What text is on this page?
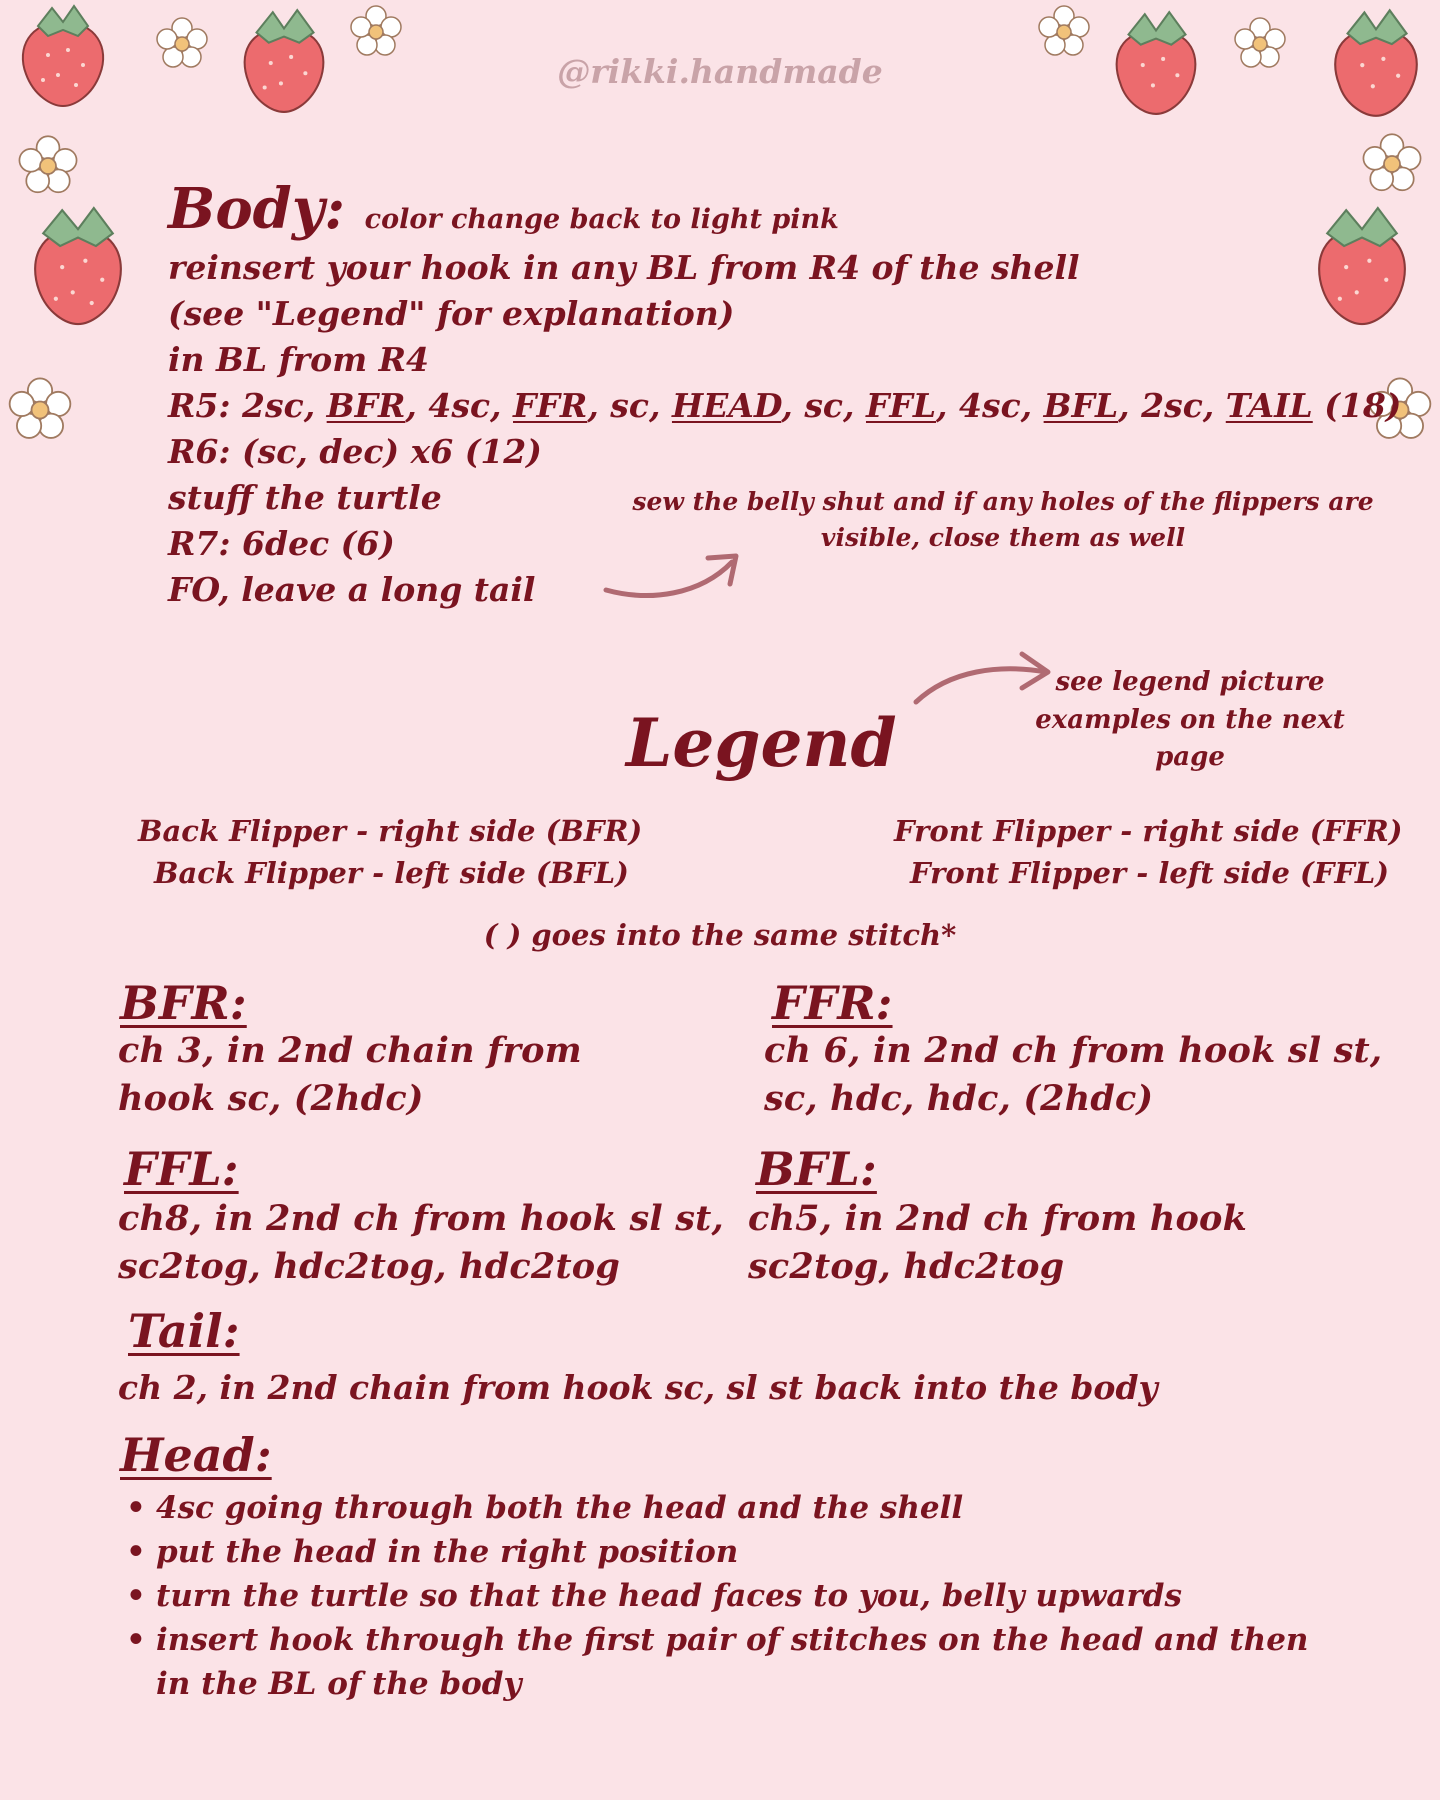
@rikki.handmade
Body: color change back to light pink
reinsert your hook in any BL from R4 of the shell
(see "Legend" for explanation)
in BL from R4
R5: 2sc, BFR, 4sc, FFR, sc, HEAD, sc, FFL, 4sc, BFL, 2sc, TAIL (18)
R6: (sc, dec) x6 (12)
stuff the turtle
R7: 6dec (6)
FO, leave a long tail
sew the belly shut and if any holes of the flippers are visible, close them as well
see legend picture
examples on the next page
Legend
Back Flipper - right side (BFR)
Back Flipper - left side (BFL)
Front Flipper - right side (FFR)
Front Flipper - left side (FFL)
( ) goes into the same stitch*
BFR:
ch 3, in 2nd chain from
hook sc, (2hdc)
FFR:
ch 6, in 2nd ch from hook sl st,
sc, hdc, hdc, (2hdc)
FFL:
ch8, in 2nd ch from hook sl st,
sc2tog, hdc2tog, hdc2tog
BFL:
ch5, in 2nd ch from hook
sc2tog, hdc2tog
Tail:
ch 2, in 2nd chain from hook sc, sl st back into the body
Head:
• 4sc going through both the head and the shell
• put the head in the right position
• turn the turtle so that the head faces to you, belly upwards
• insert hook through the first pair of stitches on the head and then
in the BL of the body
